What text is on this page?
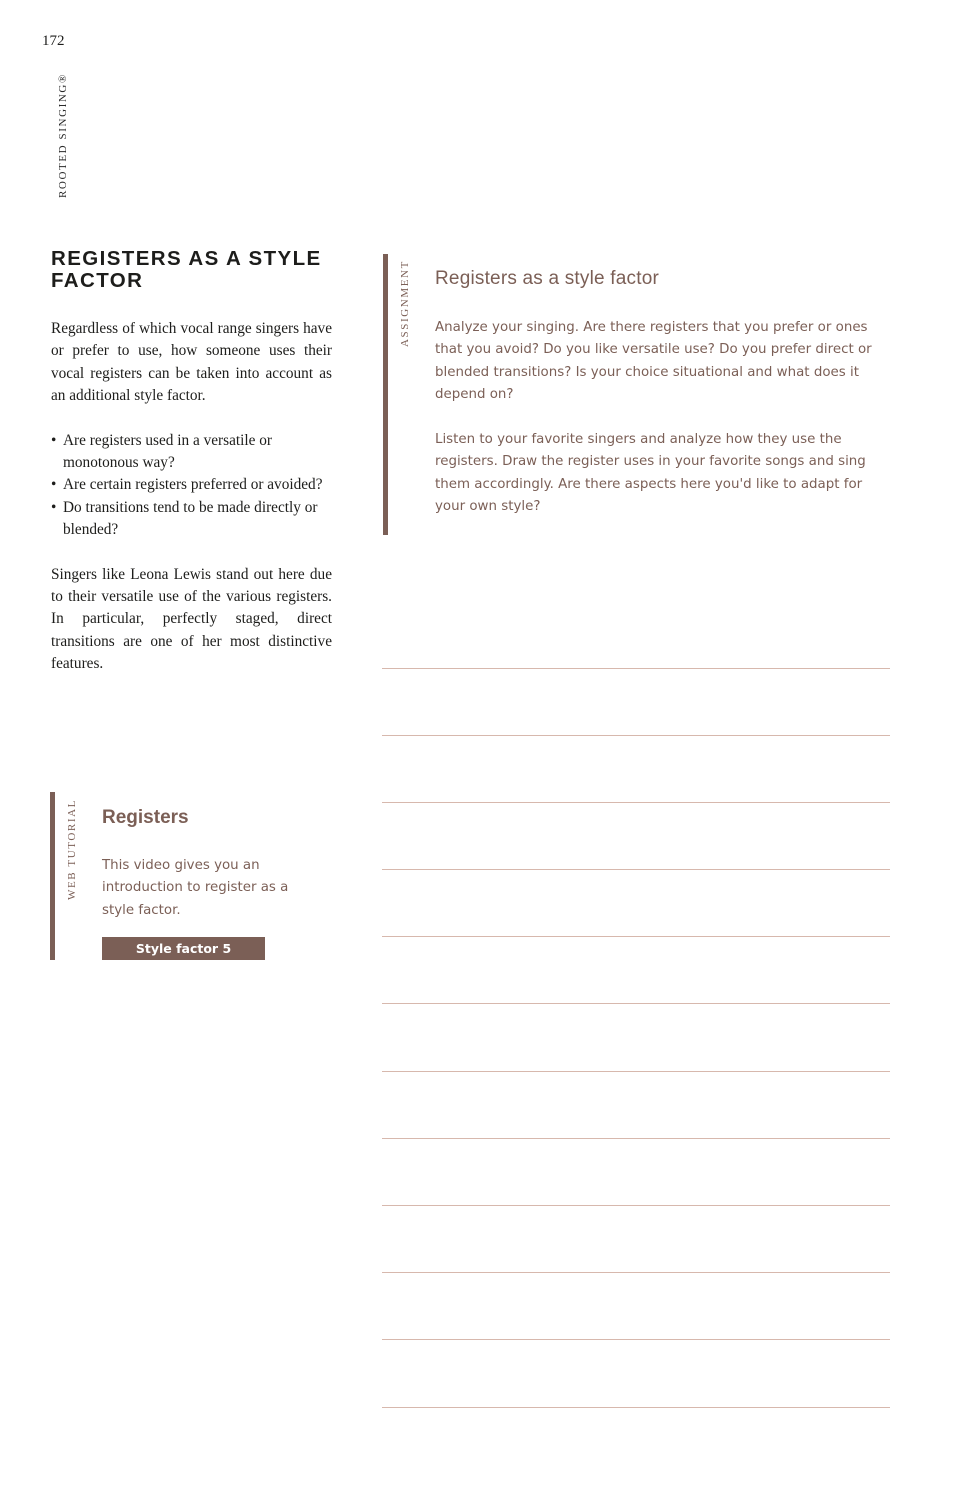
172
ROOTED SINGING®
REGISTERS AS A STYLE FACTOR

Regardless of which vocal range singers have or prefer to use, how someone uses their vocal registers can be taken into account as an additional style factor.

• Are registers used in a versatile or monotonous way?
• Are certain registers preferred or avoided?
• Do transitions tend to be made directly or blended?

Singers like Leona Lewis stand out here due to their versatile use of the various registers. In particular, perfectly staged, direct transitions are one of her most distinctive features.

ASSIGNMENT Registers as a style factor

Analyze your singing. Are there registers that you prefer or ones that you avoid? Do you like versatile use? Do you prefer direct or blended transitions? Is your choice situational and what does it depend on?

Listen to your favorite singers and analyze how they use the registers. Draw the register uses in your favorite songs and sing them accordingly. Are there aspects here you'd like to adapt for your own style?

WEB TUTORIAL Registers

This video gives you an introduction to register as a style factor.

Style factor 5
